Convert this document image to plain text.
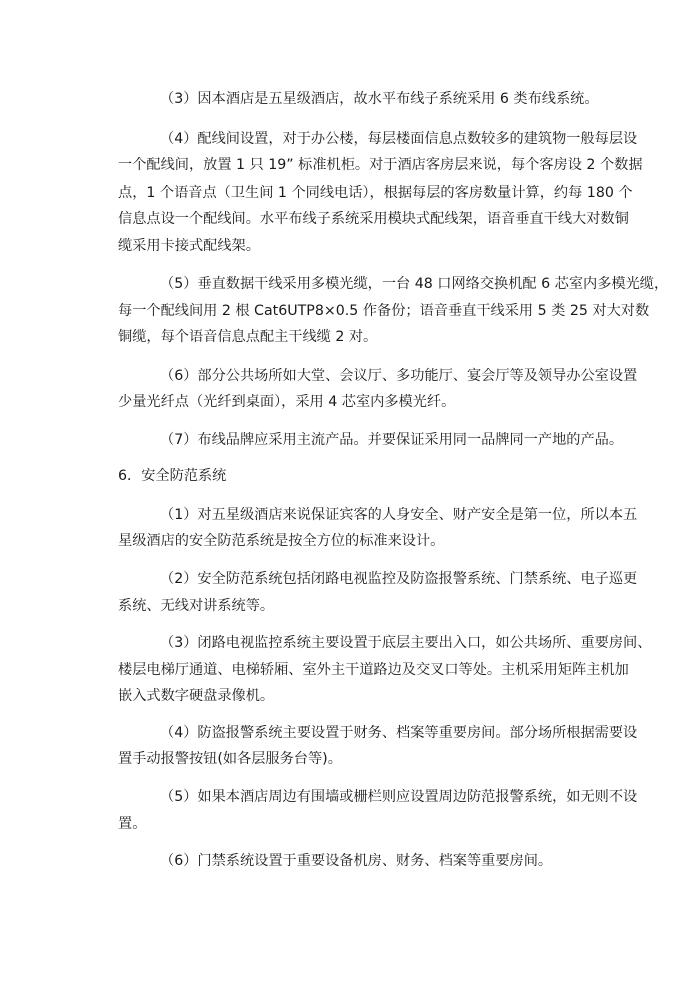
（3）因本酒店是五星级酒店，故水平布线子系统采用 6 类布线系统。
（4）配线间设置，对于办公楼，每层楼面信息点数较多的建筑物一般每层设
一个配线间，放置 1 只 19” 标准机柜。对于酒店客房层来说，每个客房设 2 个数据
点，1 个语音点（卫生间 1 个同线电话），根据每层的客房数量计算，约每 180 个
信息点设一个配线间。水平布线子系统采用模块式配线架，语音垂直干线大对数铜
缆采用卡接式配线架。
（5）垂直数据干线采用多模光缆，一台 48 口网络交换机配 6 芯室内多模光缆，
每一个配线间用 2 根 Cat6UTP8×0.5 作备份；语音垂直干线采用 5 类 25 对大对数
铜缆，每个语音信息点配主干线缆 2 对。
（6）部分公共场所如大堂、会议厅、多功能厅、宴会厅等及领导办公室设置
少量光纤点（光纤到桌面），采用 4 芯室内多模光纤。
（7）布线品牌应采用主流产品。并要保证采用同一品牌同一产地的产品。
6．安全防范系统
（1）对五星级酒店来说保证宾客的人身安全、财产安全是第一位，所以本五
星级酒店的安全防范系统是按全方位的标准来设计。
（2）安全防范系统包括闭路电视监控及防盗报警系统、门禁系统、电子巡更
系统、无线对讲系统等。
（3）闭路电视监控系统主要设置于底层主要出入口，如公共场所、重要房间、
楼层电梯厅通道、电梯轿厢、室外主干道路边及交叉口等处。主机采用矩阵主机加
嵌入式数字硬盘录像机。
（4）防盗报警系统主要设置于财务、档案等重要房间。部分场所根据需要设
置手动报警按钮(如各层服务台等)。
（5）如果本酒店周边有围墙或栅栏则应设置周边防范报警系统，如无则不设
置。
（6）门禁系统设置于重要设备机房、财务、档案等重要房间。
